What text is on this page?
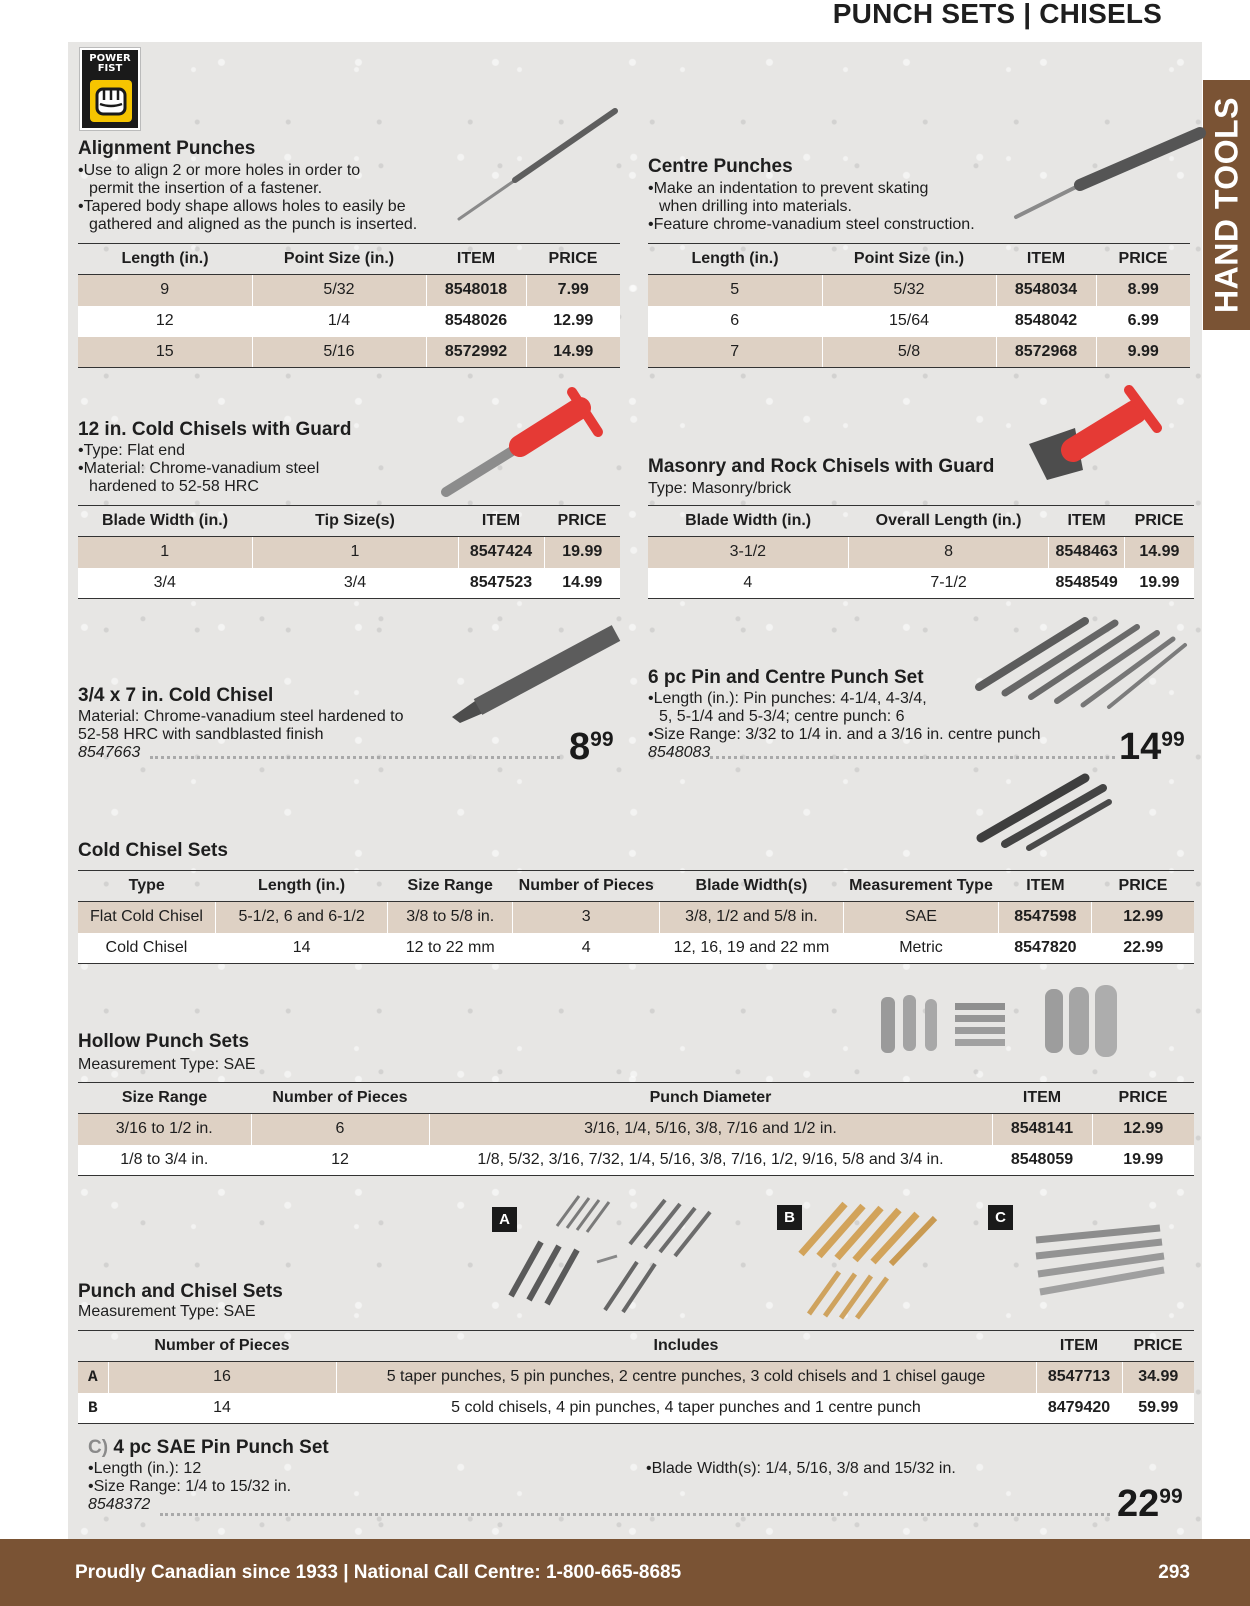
PUNCH SETS | CHISELS
HAND TOOLS
POWER
FIST
Alignment Punches

•Use to align 2 or more holes in order to

permit the insertion of a fastener.

•Tapered body shape allows holes to easily be

gathered and aligned as the punch is inserted.

Length (in.)	Point Size (in.)	ITEM	PRICE
9	5/32	8548018	7.99
12	1/4	8548026	12.99
15	5/16	8572992	14.99
Centre Punches

•Make an indentation to prevent skating

when drilling into materials.

•Feature chrome-vanadium steel construction.

Length (in.)	Point Size (in.)	ITEM	PRICE
5	5/32	8548034	8.99
6	15/64	8548042	6.99
7	5/8	8572968	9.99
12 in. Cold Chisels with Guard

•Type: Flat end

•Material: Chrome-vanadium steel

hardened to 52-58 HRC

Blade Width (in.)	Tip Size(s)	ITEM	PRICE
1	1	8547424	19.99
3/4	3/4	8547523	14.99
Masonry and Rock Chisels with Guard

Type: Masonry/brick

Blade Width (in.)	Overall Length (in.)	ITEM	PRICE
3-1/2	8	8548463	14.99
4	7-1/2	8548549	19.99
3/4 x 7 in. Cold Chisel

Material: Chrome-vanadium steel hardened to

52-58 HRC with sandblasted finish

8547663	899
6 pc Pin and Centre Punch Set

•Length (in.): Pin punches: 4-1/4, 4-3/4,

5, 5-1/4 and 5-3/4; centre punch: 6

•Size Range: 3/32 to 1/4 in. and a 3/16 in. centre punch

8548083	1499
Cold Chisel Sets
Type	Length (in.)	Size Range	Number of Pieces	Blade Width(s)	Measurement Type	ITEM	PRICE
Flat Cold Chisel	5-1/2, 6 and 6-1/2	3/8 to 5/8 in.	3	3/8, 1/2 and 5/8 in.	SAE	8547598	12.99
Cold Chisel	14	12 to 22 mm	4	12, 16, 19 and 22 mm	Metric	8547820	22.99
Hollow Punch Sets

Measurement Type: SAE

Size Range	Number of Pieces	Punch Diameter	ITEM	PRICE
3/16 to 1/2 in.	6	3/16, 1/4, 5/16, 3/8, 7/16 and 1/2 in.	8548141	12.99
1/8 to 3/4 in.	12	1/8, 5/32, 3/16, 7/32, 1/4, 5/16, 3/8, 7/16, 1/2, 9/16, 5/8 and 3/4 in.	8548059	19.99
A	B	C
Punch and Chisel Sets

Measurement Type: SAE

	Number of Pieces	Includes	ITEM	PRICE
A	16	5 taper punches, 5 pin punches, 2 centre punches, 3 cold chisels and 1 chisel gauge	8547713	34.99
B	14	5 cold chisels, 4 pin punches, 4 taper punches and 1 centre punch	8479420	59.99
C) 4 pc SAE Pin Punch Set

•Length (in.): 12

•Size Range: 1/4 to 15/32 in.

8548372

•Blade Width(s): 1/4, 5/16, 3/8 and 15/32 in.

2299
Proudly Canadian since 1933 | National Call Centre: 1-800-665-8685	293
